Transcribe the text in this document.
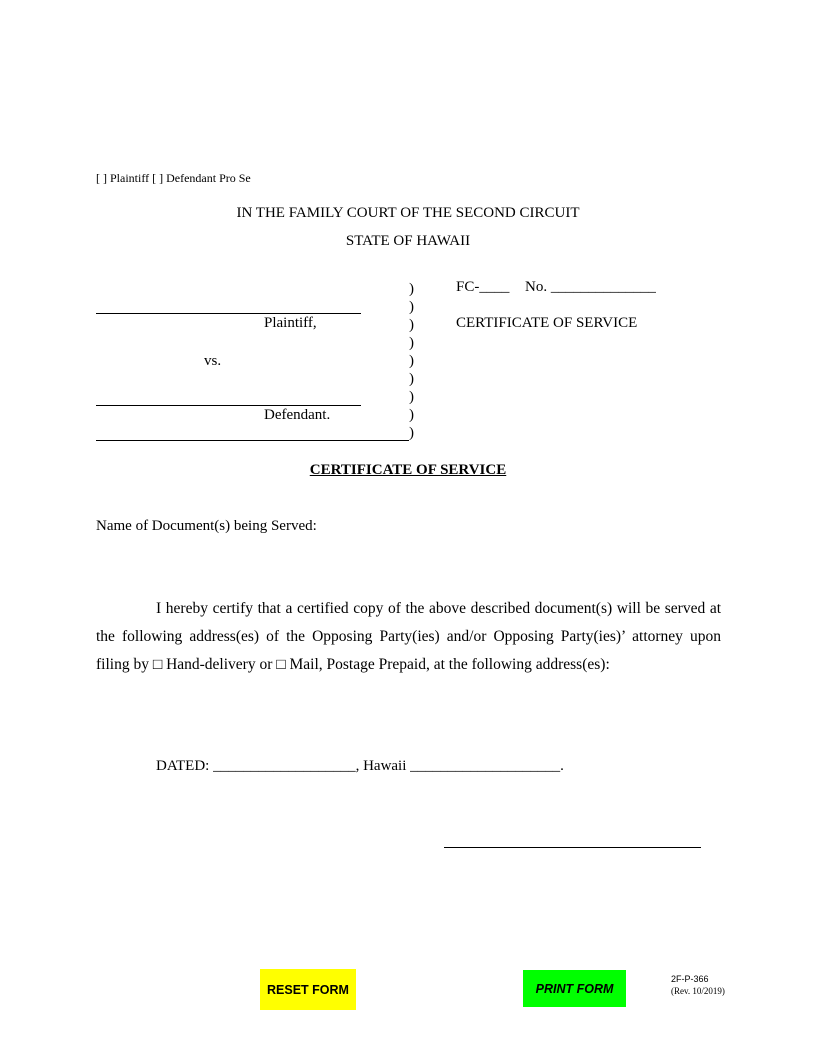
[ ] Plaintiff [ ] Defendant Pro Se
IN THE FAMILY COURT OF THE SECOND CIRCUIT
STATE OF HAWAII
Plaintiff,
vs.
Defendant.
)
)
)
)
)
)
)
)
)
FC-____ No. ______________
CERTIFICATE OF SERVICE
CERTIFICATE OF SERVICE
Name of Document(s) being Served:
I hereby certify that a certified copy of the above described document(s) will be served at the following address(es) of the Opposing Party(ies) and/or Opposing Party(ies)’ attorney upon filing by □ Hand-delivery or □ Mail, Postage Prepaid, at the following address(es):
DATED: ___________________, Hawaii ____________________.
RESET FORM	PRINT FORM
2F-P-366
(Rev. 10/2019)
